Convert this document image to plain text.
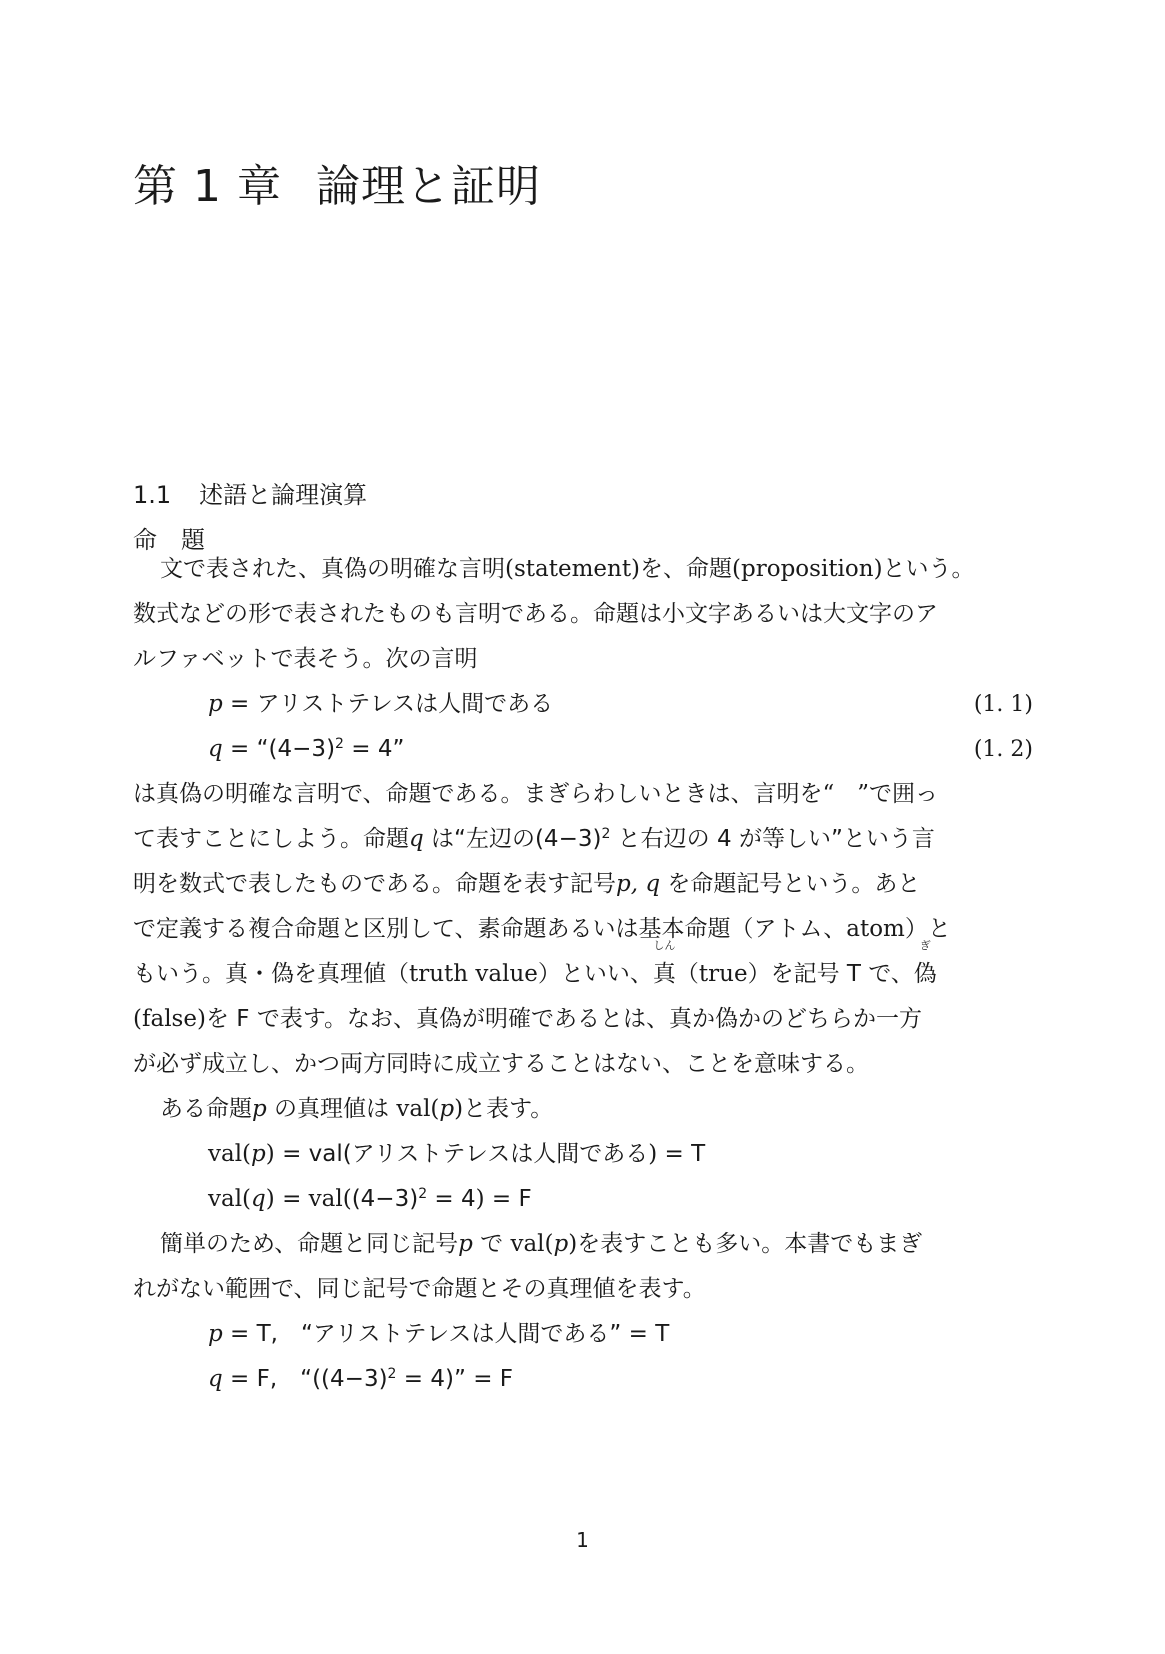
第 1 章 論理と証明
1.1 述語と論理演算
命　題
文で表された、真偽の明確な言明(statement)を、命題(proposition)という。
数式などの形で表されたものも言明である。命題は小文字あるいは大文字のア
ルファベットで表そう。次の言明
p = アリストテレスは人間である	(1. 1)
$q = “(4-3)^2 = 4$”	(1. 2)
は真偽の明確な言明で、命題である。まぎらわしいときは、言明を“　”で囲っ
て表すことにしよう。命題q は“左辺の$(4-3)^2$ と右辺の 4 が等しい”という言
明を数式で表したものである。命題を表す記号p, q を命題記号という。あと
で定義する複合命題と区別して、素命題あるいは基本命題（アトム、atom）と
もいう。真・偽を真理値（truth value）といい、
しん
真（true）を記号 T で、
ぎ
偽
(false)を F で表す。なお、真偽が明確であるとは、真か偽かのどちらか一方
が必ず成立し、かつ両方同時に成立することはない、ことを意味する。
ある命題p の真理値は val(p)と表す。
val(p) = val(アリストテレスは人間である) = T
$val(q) = val((4-3)^2 = 4) = F$
簡単のため、命題と同じ記号p で val(p)を表すことも多い。本書でもまぎ
れがない範囲で、同じ記号で命題とその真理値を表す。
p = T,　“アリストテレスは人間である” = T
q = F,　“$((4-3)^2 = 4)$” = F
1
